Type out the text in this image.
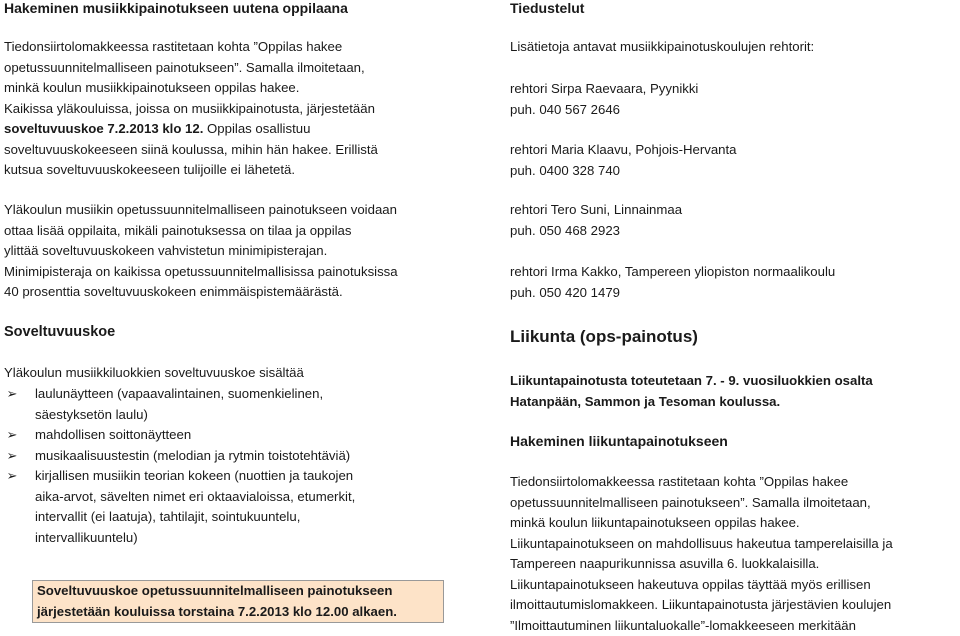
Hakeminen musiikkipainotukseen uutena oppilaana

Tiedonsiirtolomakkeessa rastitetaan kohta ”Oppilas hakee

opetussuunnitelmalliseen painotukseen”. Samalla ilmoitetaan,

minkä koulun musiikkipainotukseen oppilas hakee.

Kaikissa yläkouluissa, joissa on musiikkipainotusta, järjestetään

soveltuvuuskoe 7.2.2013 klo 12. Oppilas osallistuu

soveltuvuuskokeeseen siinä koulussa, mihin hän hakee. Erillistä

kutsua soveltuvuuskokeeseen tulijoille ei lähetetä.

Yläkoulun musiikin opetussuunnitelmalliseen painotukseen voidaan

ottaa lisää oppilaita, mikäli painotuksessa on tilaa ja oppilas

ylittää soveltuvuuskokeen vahvistetun minimipisterajan.

Minimipisteraja on kaikissa opetussuunnitelmallisissa painotuksissa

40 prosenttia soveltuvuuskokeen enimmäispistemäärästä.

Soveltuvuuskoe

Yläkoulun musiikkiluokkien soveltuvuuskoe sisältää

➢ laulunäytteen (vapaavalintainen, suomenkielinen,
säestyksetön laulu)
➢ mahdollisen soittonäytteen
➢ musikaalisuustestin (melodian ja rytmin toistotehtäviä)
➢ kirjallisen musiikin teorian kokeen (nuottien ja taukojen
aika-arvot, sävelten nimet eri oktaavialoissa, etumerkit,
intervallit (ei laatuja), tahtilajit, sointukuuntelu,
intervallikuuntelu)
Soveltuvuuskoe opetussuunnitelmalliseen painotukseen
järjestetään kouluissa torstaina 7.2.2013 klo 12.00 alkaen.
Tiedustelut

Lisätietoja antavat musiikkipainotuskoulujen rehtorit:

rehtori Sirpa Raevaara, Pyynikki

puh. 040 567 2646

rehtori Maria Klaavu, Pohjois-Hervanta

puh. 0400 328 740

rehtori Tero Suni, Linnainmaa

puh. 050 468 2923

rehtori Irma Kakko, Tampereen yliopiston normaalikoulu

puh. 050 420 1479

Liikunta (ops-painotus)

Liikuntapainotusta toteutetaan 7. - 9. vuosiluokkien osalta

Hatanpään, Sammon ja Tesoman koulussa.

Hakeminen liikuntapainotukseen

Tiedonsiirtolomakkeessa rastitetaan kohta ”Oppilas hakee

opetussuunnitelmalliseen painotukseen”. Samalla ilmoitetaan,

minkä koulun liikuntapainotukseen oppilas hakee.

Liikuntapainotukseen on mahdollisuus hakeutua tamperelaisilla ja

Tampereen naapurikunnissa asuvilla 6. luokkalaisilla.

Liikuntapainotukseen hakeutuva oppilas täyttää myös erillisen

ilmoittautumislomakkeen. Liikuntapainotusta järjestävien koulujen

”Ilmoittautuminen liikuntaluokalle”-lomakkeeseen merkitään
